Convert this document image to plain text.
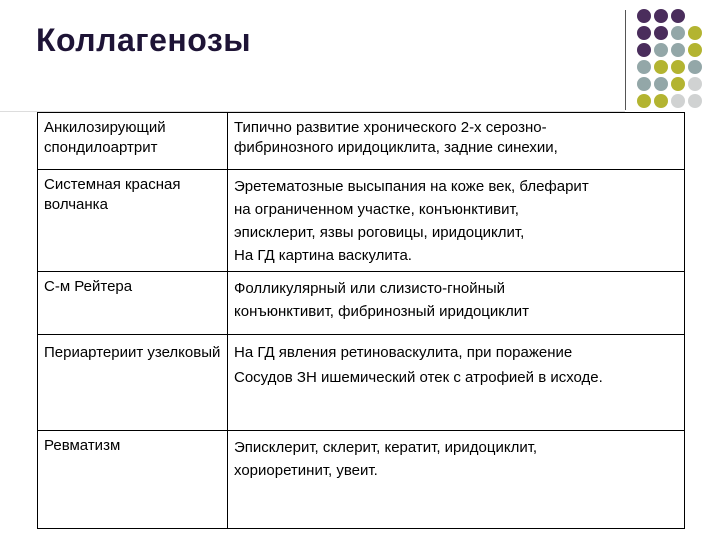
Коллагенозы
Анкилозирующий спондилоартрит	Типично развитие хронического 2-х серозно-
фибринозного иридоциклита, задние синехии,

Системная красная волчанка	Эретематозные высыпания на коже век, блефарит
на ограниченном участке, конъюнктивит,
эписклерит, язвы роговицы, иридоциклит,
На ГД картина васкулита.

С-м Рейтера	Фолликулярный или слизисто-гнойный
конъюнктивит, фибринозный иридоциклит

Периартериит узелковый	На ГД явления ретиноваскулита, при поражение
Сосудов ЗН ишемический отек с атрофией в исходе.

Ревматизм	Эписклерит, склерит, кератит, иридоциклит,
хориоретинит, увеит.
